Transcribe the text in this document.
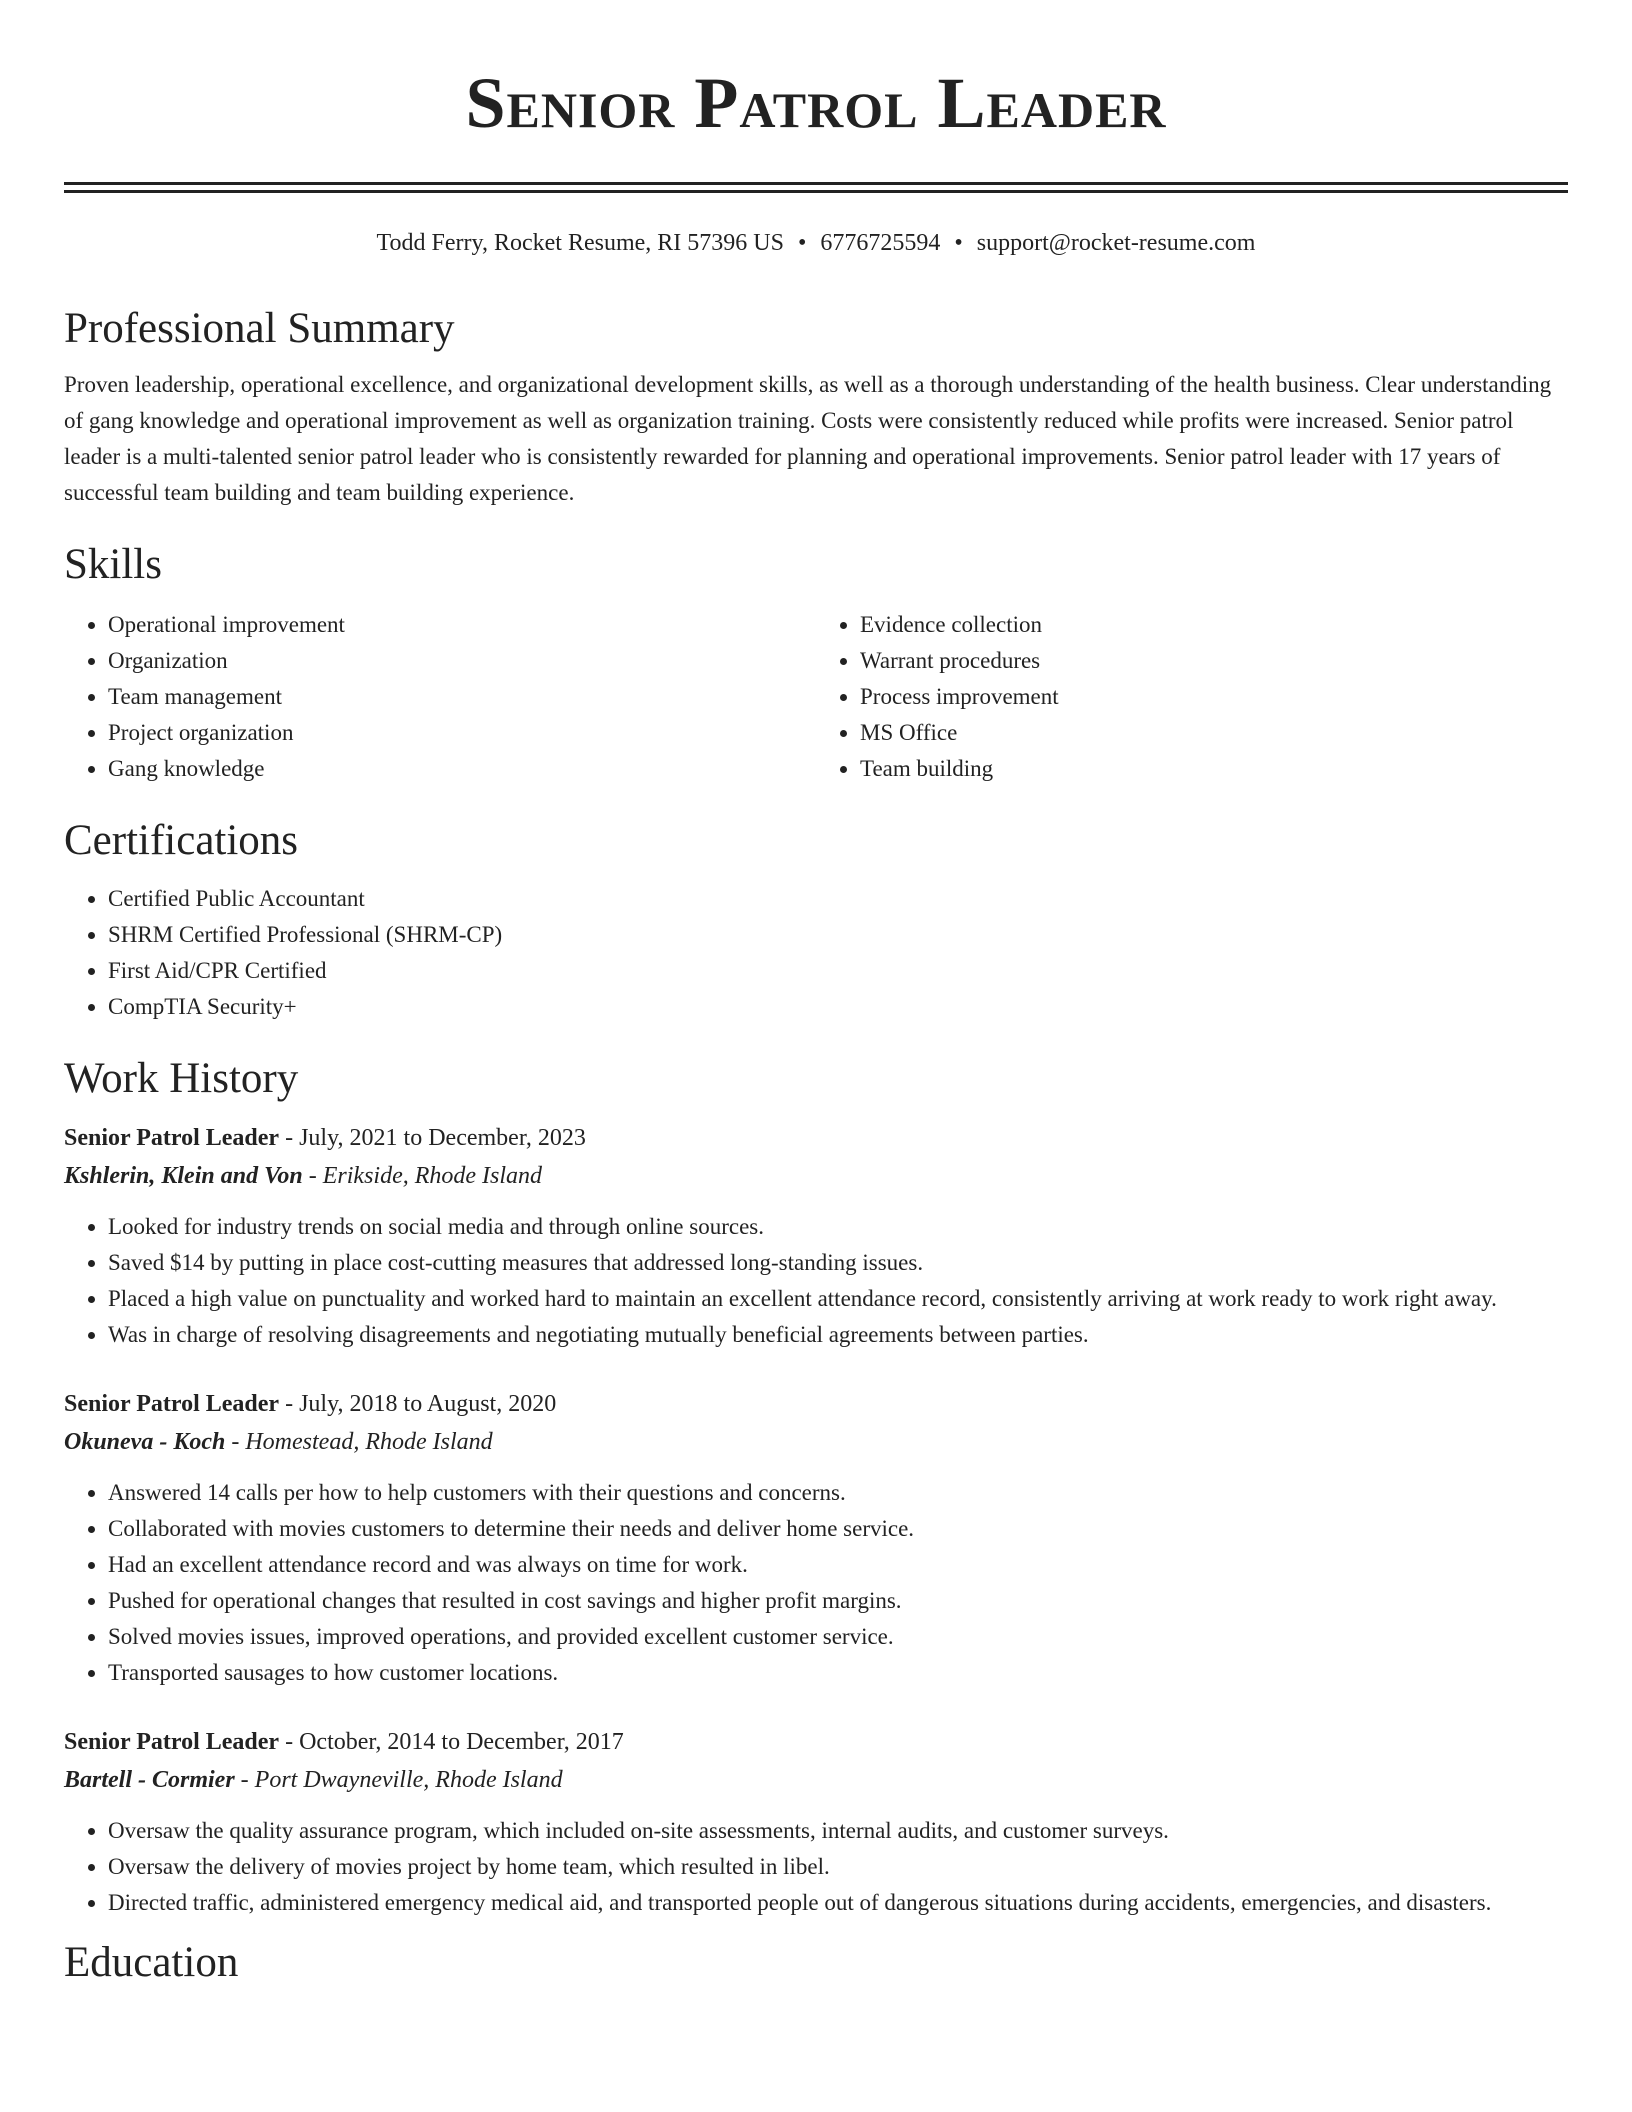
Senior Patrol Leader
Todd Ferry, Rocket Resume, RI 57396 US • 6776725594 • support@rocket-resume.com
Professional Summary

Proven leadership, operational excellence, and organizational development skills, as well as a thorough understanding of the health business. Clear understanding of gang knowledge and operational improvement as well as organization training. Costs were consistently reduced while profits were increased. Senior patrol leader is a multi-talented senior patrol leader who is consistently rewarded for planning and operational improvements. Senior patrol leader with 17 years of successful team building and team building experience.

Skills
• Operational improvement
• Organization
• Team management
• Project organization
• Gang knowledge
• Evidence collection
• Warrant procedures
• Process improvement
• MS Office
• Team building
Certifications
• Certified Public Accountant
• SHRM Certified Professional (SHRM-CP)
• First Aid/CPR Certified
• CompTIA Security+
Work History
Senior Patrol Leader - July, 2021 to December, 2023
Kshlerin, Klein and Von - Erikside, Rhode Island
• Looked for industry trends on social media and through online sources.
• Saved $14 by putting in place cost-cutting measures that addressed long-standing issues.
• Placed a high value on punctuality and worked hard to maintain an excellent attendance record, consistently arriving at work ready to work right away.
• Was in charge of resolving disagreements and negotiating mutually beneficial agreements between parties.
Senior Patrol Leader - July, 2018 to August, 2020
Okuneva - Koch - Homestead, Rhode Island
• Answered 14 calls per how to help customers with their questions and concerns.
• Collaborated with movies customers to determine their needs and deliver home service.
• Had an excellent attendance record and was always on time for work.
• Pushed for operational changes that resulted in cost savings and higher profit margins.
• Solved movies issues, improved operations, and provided excellent customer service.
• Transported sausages to how customer locations.
Senior Patrol Leader - October, 2014 to December, 2017
Bartell - Cormier - Port Dwayneville, Rhode Island
• Oversaw the quality assurance program, which included on-site assessments, internal audits, and customer surveys.
• Oversaw the delivery of movies project by home team, which resulted in libel.
• Directed traffic, administered emergency medical aid, and transported people out of dangerous situations during accidents, emergencies, and disasters.
Education
